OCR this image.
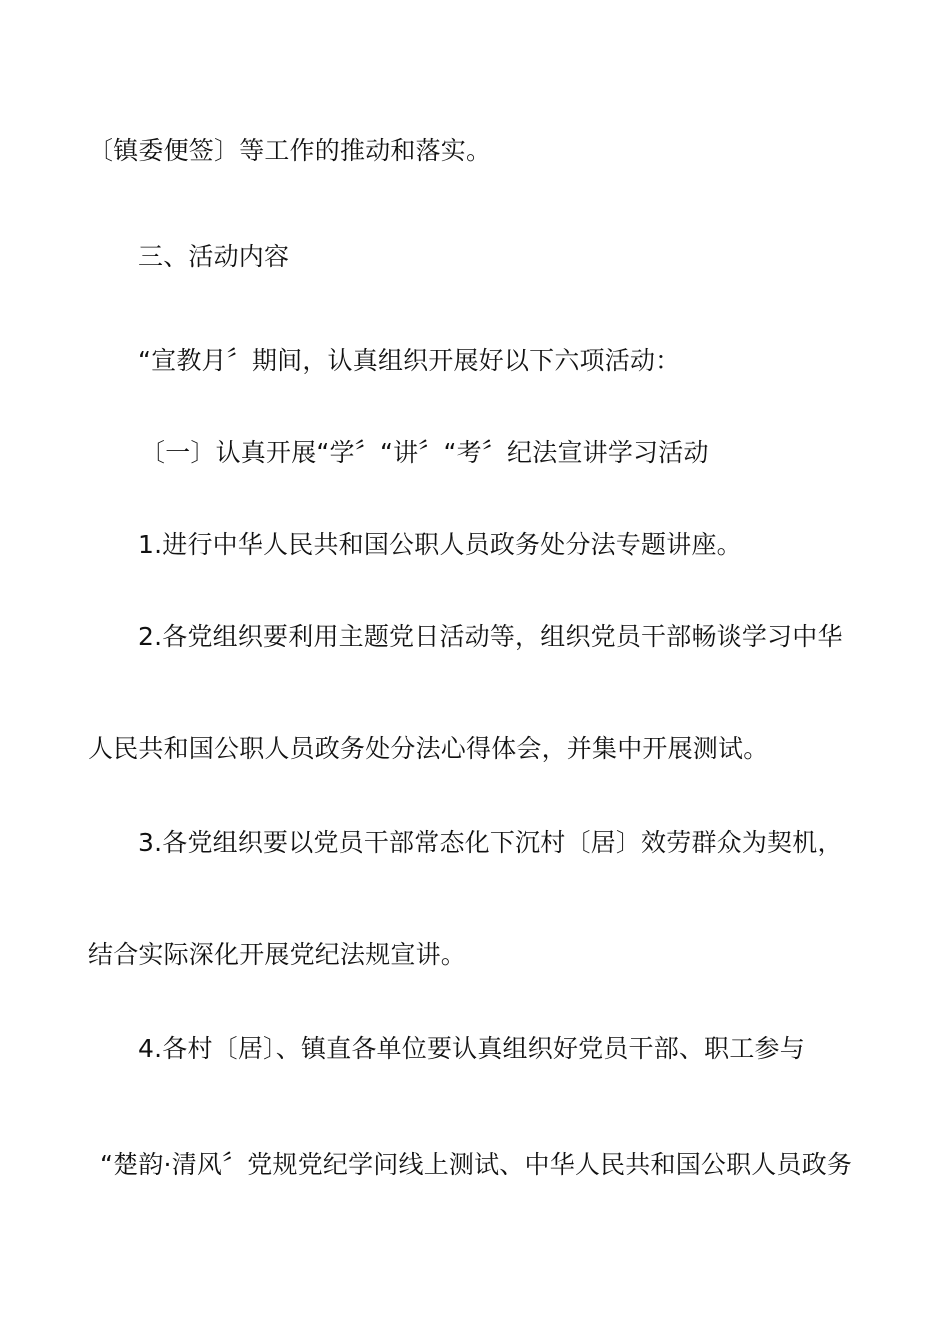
〔镇委便签〕等工作的推动和落实。
三、活动内容
“宣教月〞期间，认真组织开展好以下六项活动：
〔一〕认真开展“学〞“讲〞“考〞纪法宣讲学习活动
1.进行中华人民共和国公职人员政务处分法专题讲座。
2.各党组织要利用主题党日活动等，组织党员干部畅谈学习中华
人民共和国公职人员政务处分法心得体会，并集中开展测试。
3.各党组织要以党员干部常态化下沉村〔居〕效劳群众为契机，
结合实际深化开展党纪法规宣讲。
4.各村〔居〕、镇直各单位要认真组织好党员干部、职工参与
“楚韵·清风〞党规党纪学问线上测试、中华人民共和国公职人员政务
